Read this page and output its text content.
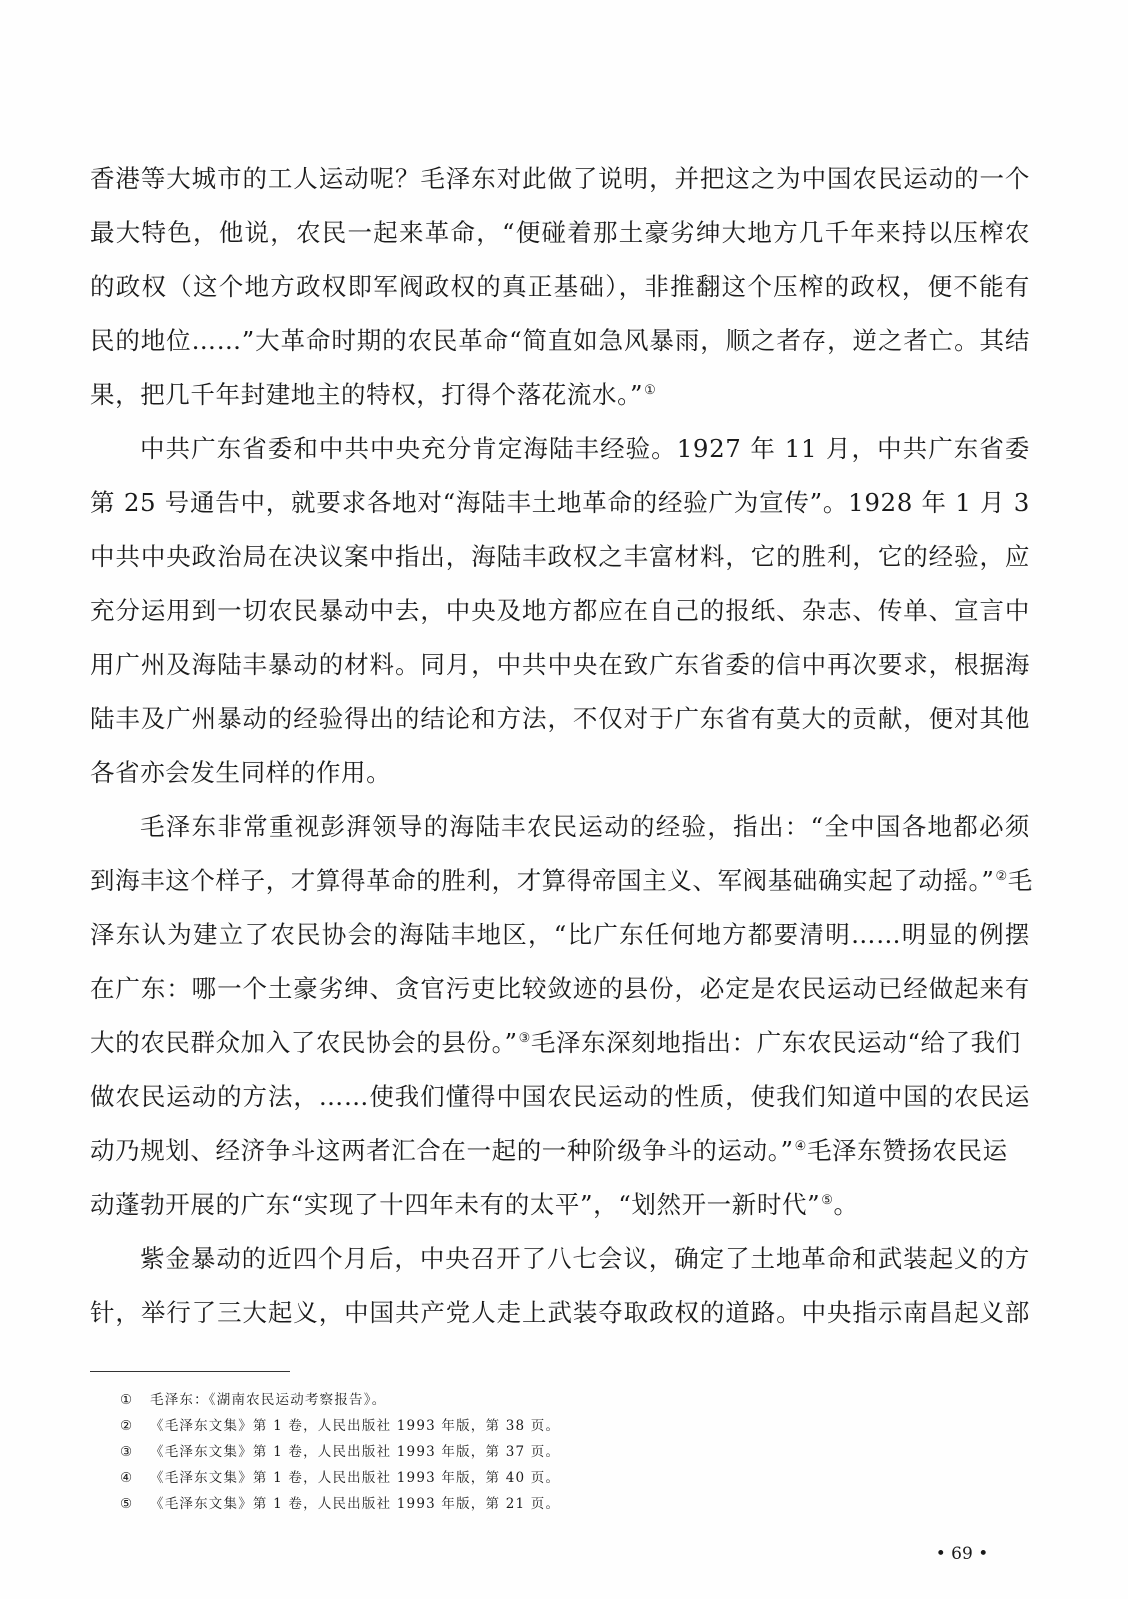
香港等大城市的工人运动呢？毛泽东对此做了说明，并把这之为中国农民运动的一个
最大特色，他说，农民一起来革命，“便碰着那土豪劣绅大地方几千年来持以压榨农
的政权（这个地方政权即军阀政权的真正基础），非推翻这个压榨的政权，便不能有
民的地位……”大革命时期的农民革命“简直如急风暴雨，顺之者存，逆之者亡。其结
果，把几千年封建地主的特权，打得个落花流水。”①
中共广东省委和中共中央充分肯定海陆丰经验。1927 年 11 月，中共广东省委
第 25 号通告中，就要求各地对“海陆丰土地革命的经验广为宣传”。1928 年 1 月 3
中共中央政治局在决议案中指出，海陆丰政权之丰富材料，它的胜利，它的经验，应
充分运用到一切农民暴动中去，中央及地方都应在自己的报纸、杂志、传单、宣言中
用广州及海陆丰暴动的材料。同月，中共中央在致广东省委的信中再次要求，根据海
陆丰及广州暴动的经验得出的结论和方法，不仅对于广东省有莫大的贡献，便对其他
各省亦会发生同样的作用。
毛泽东非常重视彭湃领导的海陆丰农民运动的经验，指出：“全中国各地都必须
到海丰这个样子，才算得革命的胜利，才算得帝国主义、军阀基础确实起了动摇。”②毛
泽东认为建立了农民协会的海陆丰地区，“比广东任何地方都要清明……明显的例摆
在广东：哪一个土豪劣绅、贪官污吏比较敛迹的县份，必定是农民运动已经做起来有
大的农民群众加入了农民协会的县份。”③毛泽东深刻地指出：广东农民运动“给了我们
做农民运动的方法，……使我们懂得中国农民运动的性质，使我们知道中国的农民运
动乃规划、经济争斗这两者汇合在一起的一种阶级争斗的运动。”④毛泽东赞扬农民运
动蓬勃开展的广东“实现了十四年未有的太平”，“划然开一新时代”⑤。
紫金暴动的近四个月后，中央召开了八七会议，确定了土地革命和武装起义的方
针，举行了三大起义，中国共产党人走上武装夺取政权的道路。中央指示南昌起义部
① 毛泽东：《湖南农民运动考察报告》。
② 《毛泽东文集》第 1 卷，人民出版社 1993 年版，第 38 页。
③ 《毛泽东文集》第 1 卷，人民出版社 1993 年版，第 37 页。
④ 《毛泽东文集》第 1 卷，人民出版社 1993 年版，第 40 页。
⑤ 《毛泽东文集》第 1 卷，人民出版社 1993 年版，第 21 页。
• 69 •
